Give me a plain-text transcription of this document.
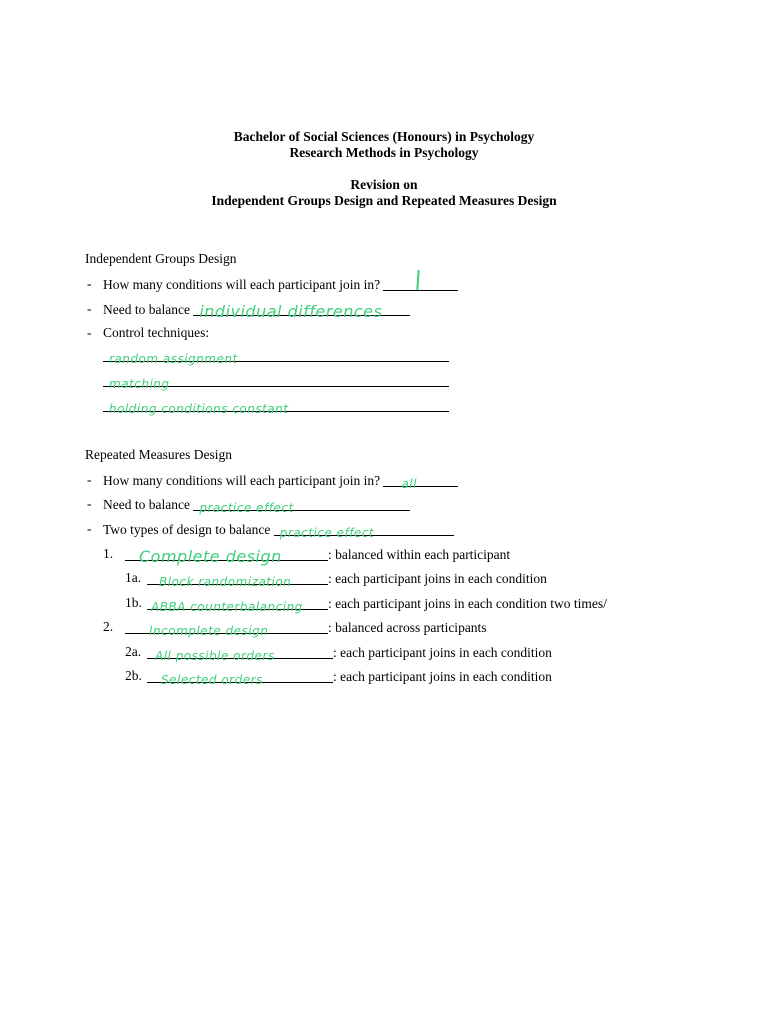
Bachelor of Social Sciences (Honours) in Psychology
Research Methods in Psychology
Revision on
Independent Groups Design and Repeated Measures Design
Independent Groups Design
- How many conditions will each participant join in?
- Need to balance individual differences
- Control techniques:
random assignment
matching
holding conditions constant
Repeated Measures Design
- How many conditions will each participant join in? all
- Need to balance practice effect
- Two types of design to balance practice effect
1. Complete design	: balanced within each participant
1a. Block randomization	: each participant joins in each condition
1b. ABBA counterbalancing : each participant joins in each condition two times/
2.	Incomplete design	: balanced across participants
2a. All possible orders	: each participant joins in each condition
2b. Selected orders	: each participant joins in each condition
